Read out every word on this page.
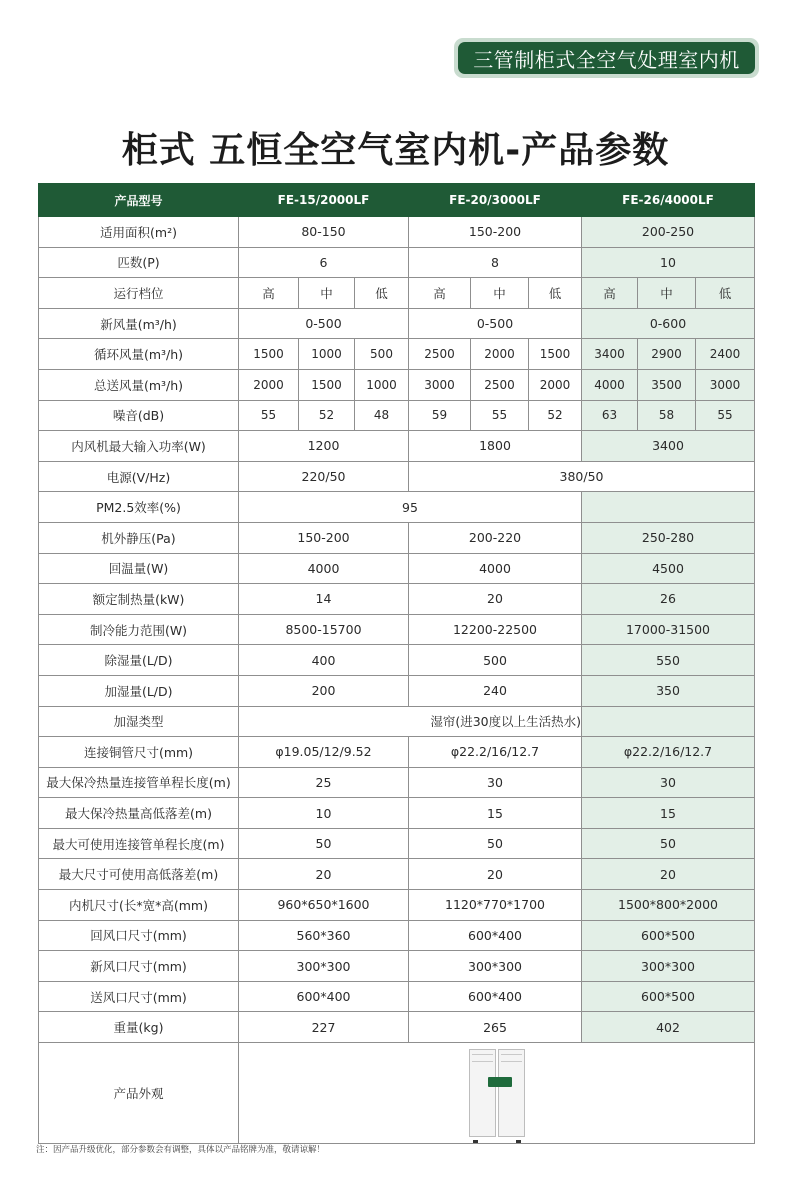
三管制柜式全空气处理室内机
柜式 五恒全空气室内机-产品参数
产品型号	FE-15/2000LF			FE-20/3000LF			FE-26/4000LF		
适用面积(m²)	80-150			150-200			200-250		
匹数(P)	6			8			10		
运行档位	高	中	低	高	中	低	高	中	低
新风量(m³/h)	0-500			0-500			0-600		
循环风量(m³/h)	1500	1000	500	2500	2000	1500	3400	2900	2400
总送风量(m³/h)	2000	1500	1000	3000	2500	2000	4000	3500	3000
噪音(dB)	55	52	48	59	55	52	63	58	55
内风机最大输入功率(W)	1200			1800			3400		
电源(V/Hz)	220/50			380/50					
PM2.5效率(%)	95								
机外静压(Pa)	150-200			200-220			250-280		
回温量(W)	4000			4000			4500		
额定制热量(kW)	14			20			26		
制冷能力范围(W)	8500-15700			12200-22500			17000-31500		
除湿量(L/D)	400			500			550		
加湿量(L/D)	200			240			350		
加湿类型	湿帘(进30度以上生活热水)								
连接铜管尺寸(mm)	φ19.05/12/9.52			φ22.2/16/12.7			φ22.2/16/12.7		
最大保冷热量连接管单程长度(m)	25			30			30		
最大保冷热量高低落差(m)	10			15			15		
最大可使用连接管单程长度(m)	50			50			50		
最大尺寸可使用高低落差(m)	20			20			20		
内机尺寸(长*宽*高(mm)	960*650*1600			1120*770*1700			1500*800*2000		
回风口尺寸(mm)	560*360			600*400			600*500		
新风口尺寸(mm)	300*300			300*300			300*300		
送风口尺寸(mm)	600*400			600*400			600*500		
重量(kg)	227			265			402		
产品外观									
注：因产品升级优化，部分参数会有调整，具体以产品铭牌为准，敬请谅解！
